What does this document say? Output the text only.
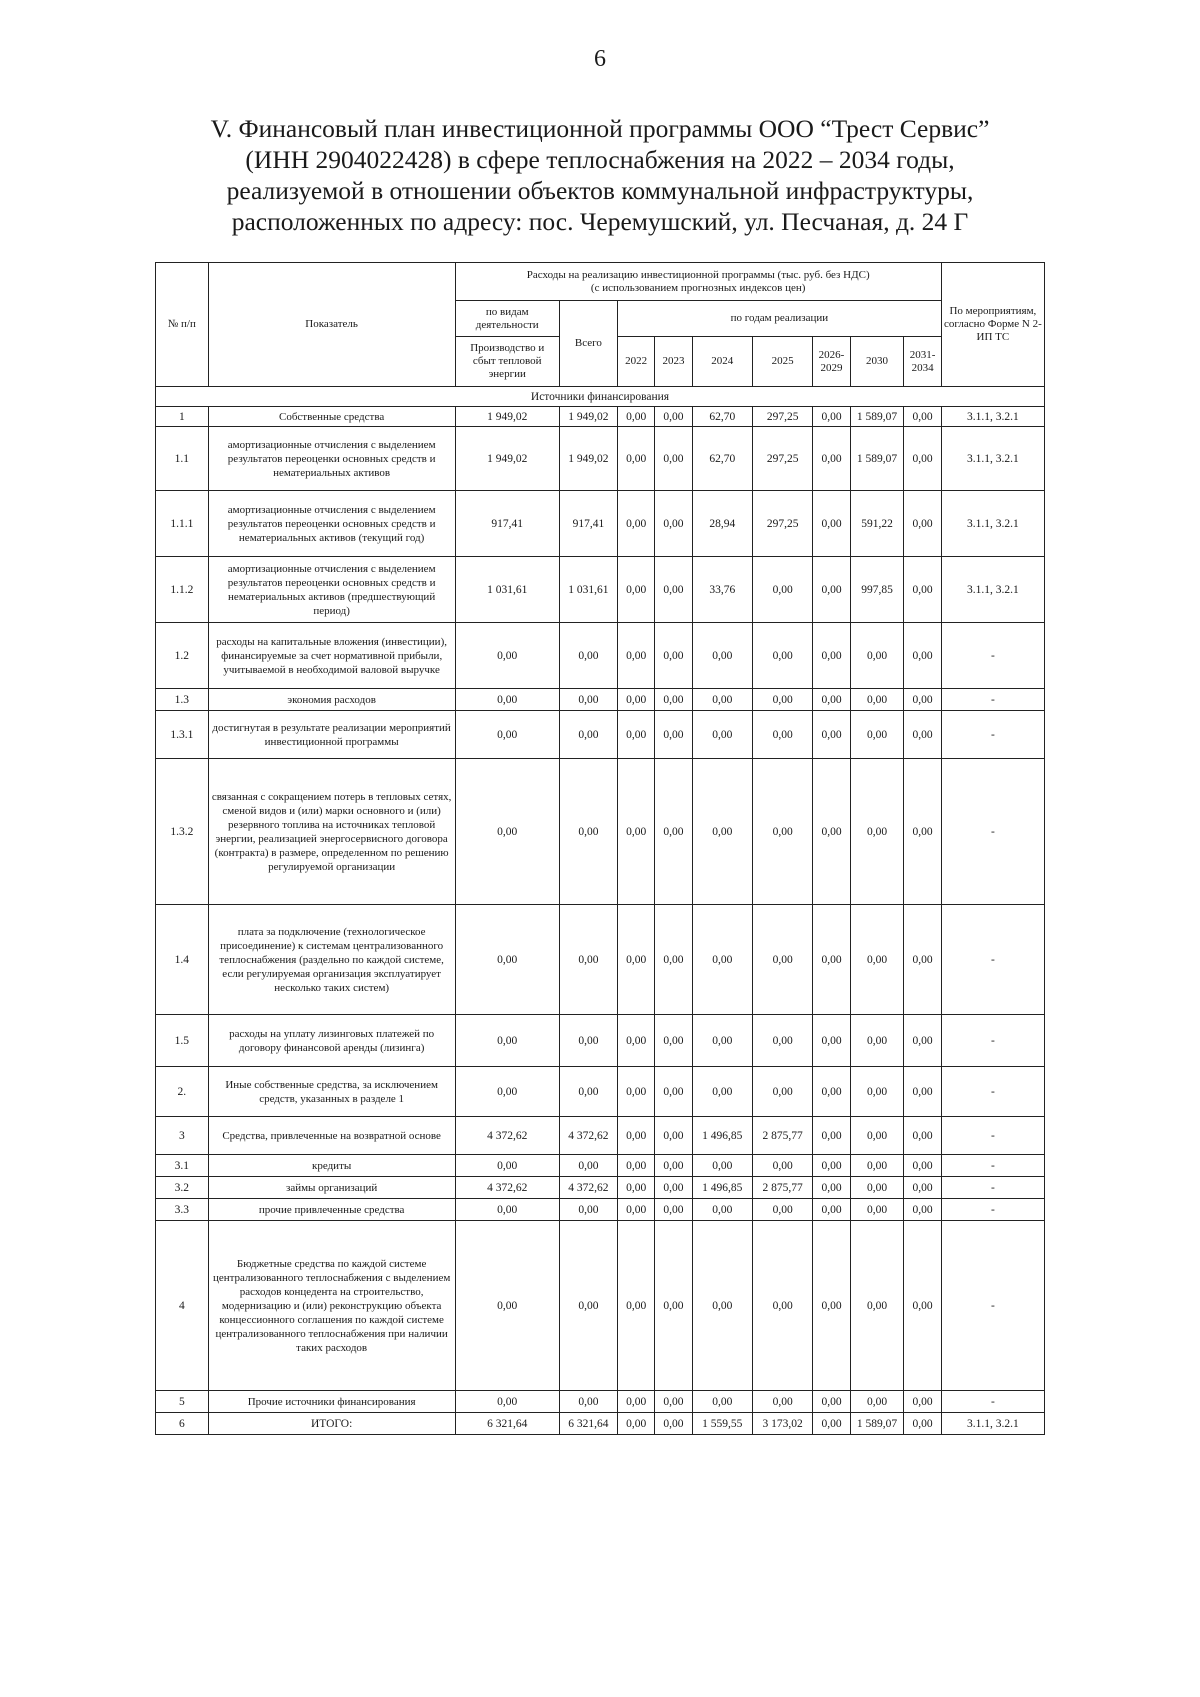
6
V. Финансовый план инвестиционной программы ООО “Трест Сервис”
(ИНН 2904022428) в сфере теплоснабжения на 2022 – 2034 годы,
реализуемой в отношении объектов коммунальной инфраструктуры,
расположенных по адресу: пос. Черемушский, ул. Песчаная, д. 24 Г
№ п/п	Показатель	Расходы на реализацию инвестиционной программы (тыс. руб. без НДС)
(с использованием прогнозных индексов цен)									По мероприятиям, согласно Форме N 2-ИП ТС
		по видам деятельности	Всего	по годам реализации							
		Производство и сбыт тепловой энергии		2022	2023	2024	2025	2026-2029	2030	2031-2034	
Источники финансирования											
1	Собственные средства	1 949,02	1 949,02	0,00	0,00	62,70	297,25	0,00	1 589,07	0,00	3.1.1, 3.2.1
1.1	амортизационные отчисления с выделением результатов переоценки основных средств и нематериальных активов	1 949,02	1 949,02	0,00	0,00	62,70	297,25	0,00	1 589,07	0,00	3.1.1, 3.2.1
1.1.1	амортизационные отчисления с выделением результатов переоценки основных средств и нематериальных активов (текущий год)	917,41	917,41	0,00	0,00	28,94	297,25	0,00	591,22	0,00	3.1.1, 3.2.1
1.1.2	амортизационные отчисления с выделением результатов переоценки основных средств и нематериальных активов (предшествующий период)	1 031,61	1 031,61	0,00	0,00	33,76	0,00	0,00	997,85	0,00	3.1.1, 3.2.1
1.2	расходы на капитальные вложения (инвестиции), финансируемые за счет нормативной прибыли, учитываемой в необходимой валовой выручке	0,00	0,00	0,00	0,00	0,00	0,00	0,00	0,00	0,00	-
1.3	экономия расходов	0,00	0,00	0,00	0,00	0,00	0,00	0,00	0,00	0,00	-
1.3.1	достигнутая в результате реализации мероприятий инвестиционной программы	0,00	0,00	0,00	0,00	0,00	0,00	0,00	0,00	0,00	-
1.3.2	связанная с сокращением потерь в тепловых сетях, сменой видов и (или) марки основного и (или) резервного топлива на источниках тепловой энергии, реализацией энергосервисного договора (контракта) в размере, определенном по решению регулируемой организации	0,00	0,00	0,00	0,00	0,00	0,00	0,00	0,00	0,00	-
1.4	плата за подключение (технологическое присоединение) к системам централизованного теплоснабжения (раздельно по каждой системе, если регулируемая организация эксплуатирует несколько таких систем)	0,00	0,00	0,00	0,00	0,00	0,00	0,00	0,00	0,00	-
1.5	расходы на уплату лизинговых платежей по договору финансовой аренды (лизинга)	0,00	0,00	0,00	0,00	0,00	0,00	0,00	0,00	0,00	-
2.	Иные собственные средства, за исключением средств, указанных в разделе 1	0,00	0,00	0,00	0,00	0,00	0,00	0,00	0,00	0,00	-
3	Средства, привлеченные на возвратной основе	4 372,62	4 372,62	0,00	0,00	1 496,85	2 875,77	0,00	0,00	0,00	-
3.1	кредиты	0,00	0,00	0,00	0,00	0,00	0,00	0,00	0,00	0,00	-
3.2	займы организаций	4 372,62	4 372,62	0,00	0,00	1 496,85	2 875,77	0,00	0,00	0,00	-
3.3	прочие привлеченные средства	0,00	0,00	0,00	0,00	0,00	0,00	0,00	0,00	0,00	-
4	Бюджетные средства по каждой системе централизованного теплоснабжения с выделением расходов концедента на строительство, модернизацию и (или) реконструкцию объекта концессионного соглашения по каждой системе централизованного теплоснабжения при наличии таких расходов	0,00	0,00	0,00	0,00	0,00	0,00	0,00	0,00	0,00	-
5	Прочие источники финансирования	0,00	0,00	0,00	0,00	0,00	0,00	0,00	0,00	0,00	-
6	ИТОГО:	6 321,64	6 321,64	0,00	0,00	1 559,55	3 173,02	0,00	1 589,07	0,00	3.1.1, 3.2.1
